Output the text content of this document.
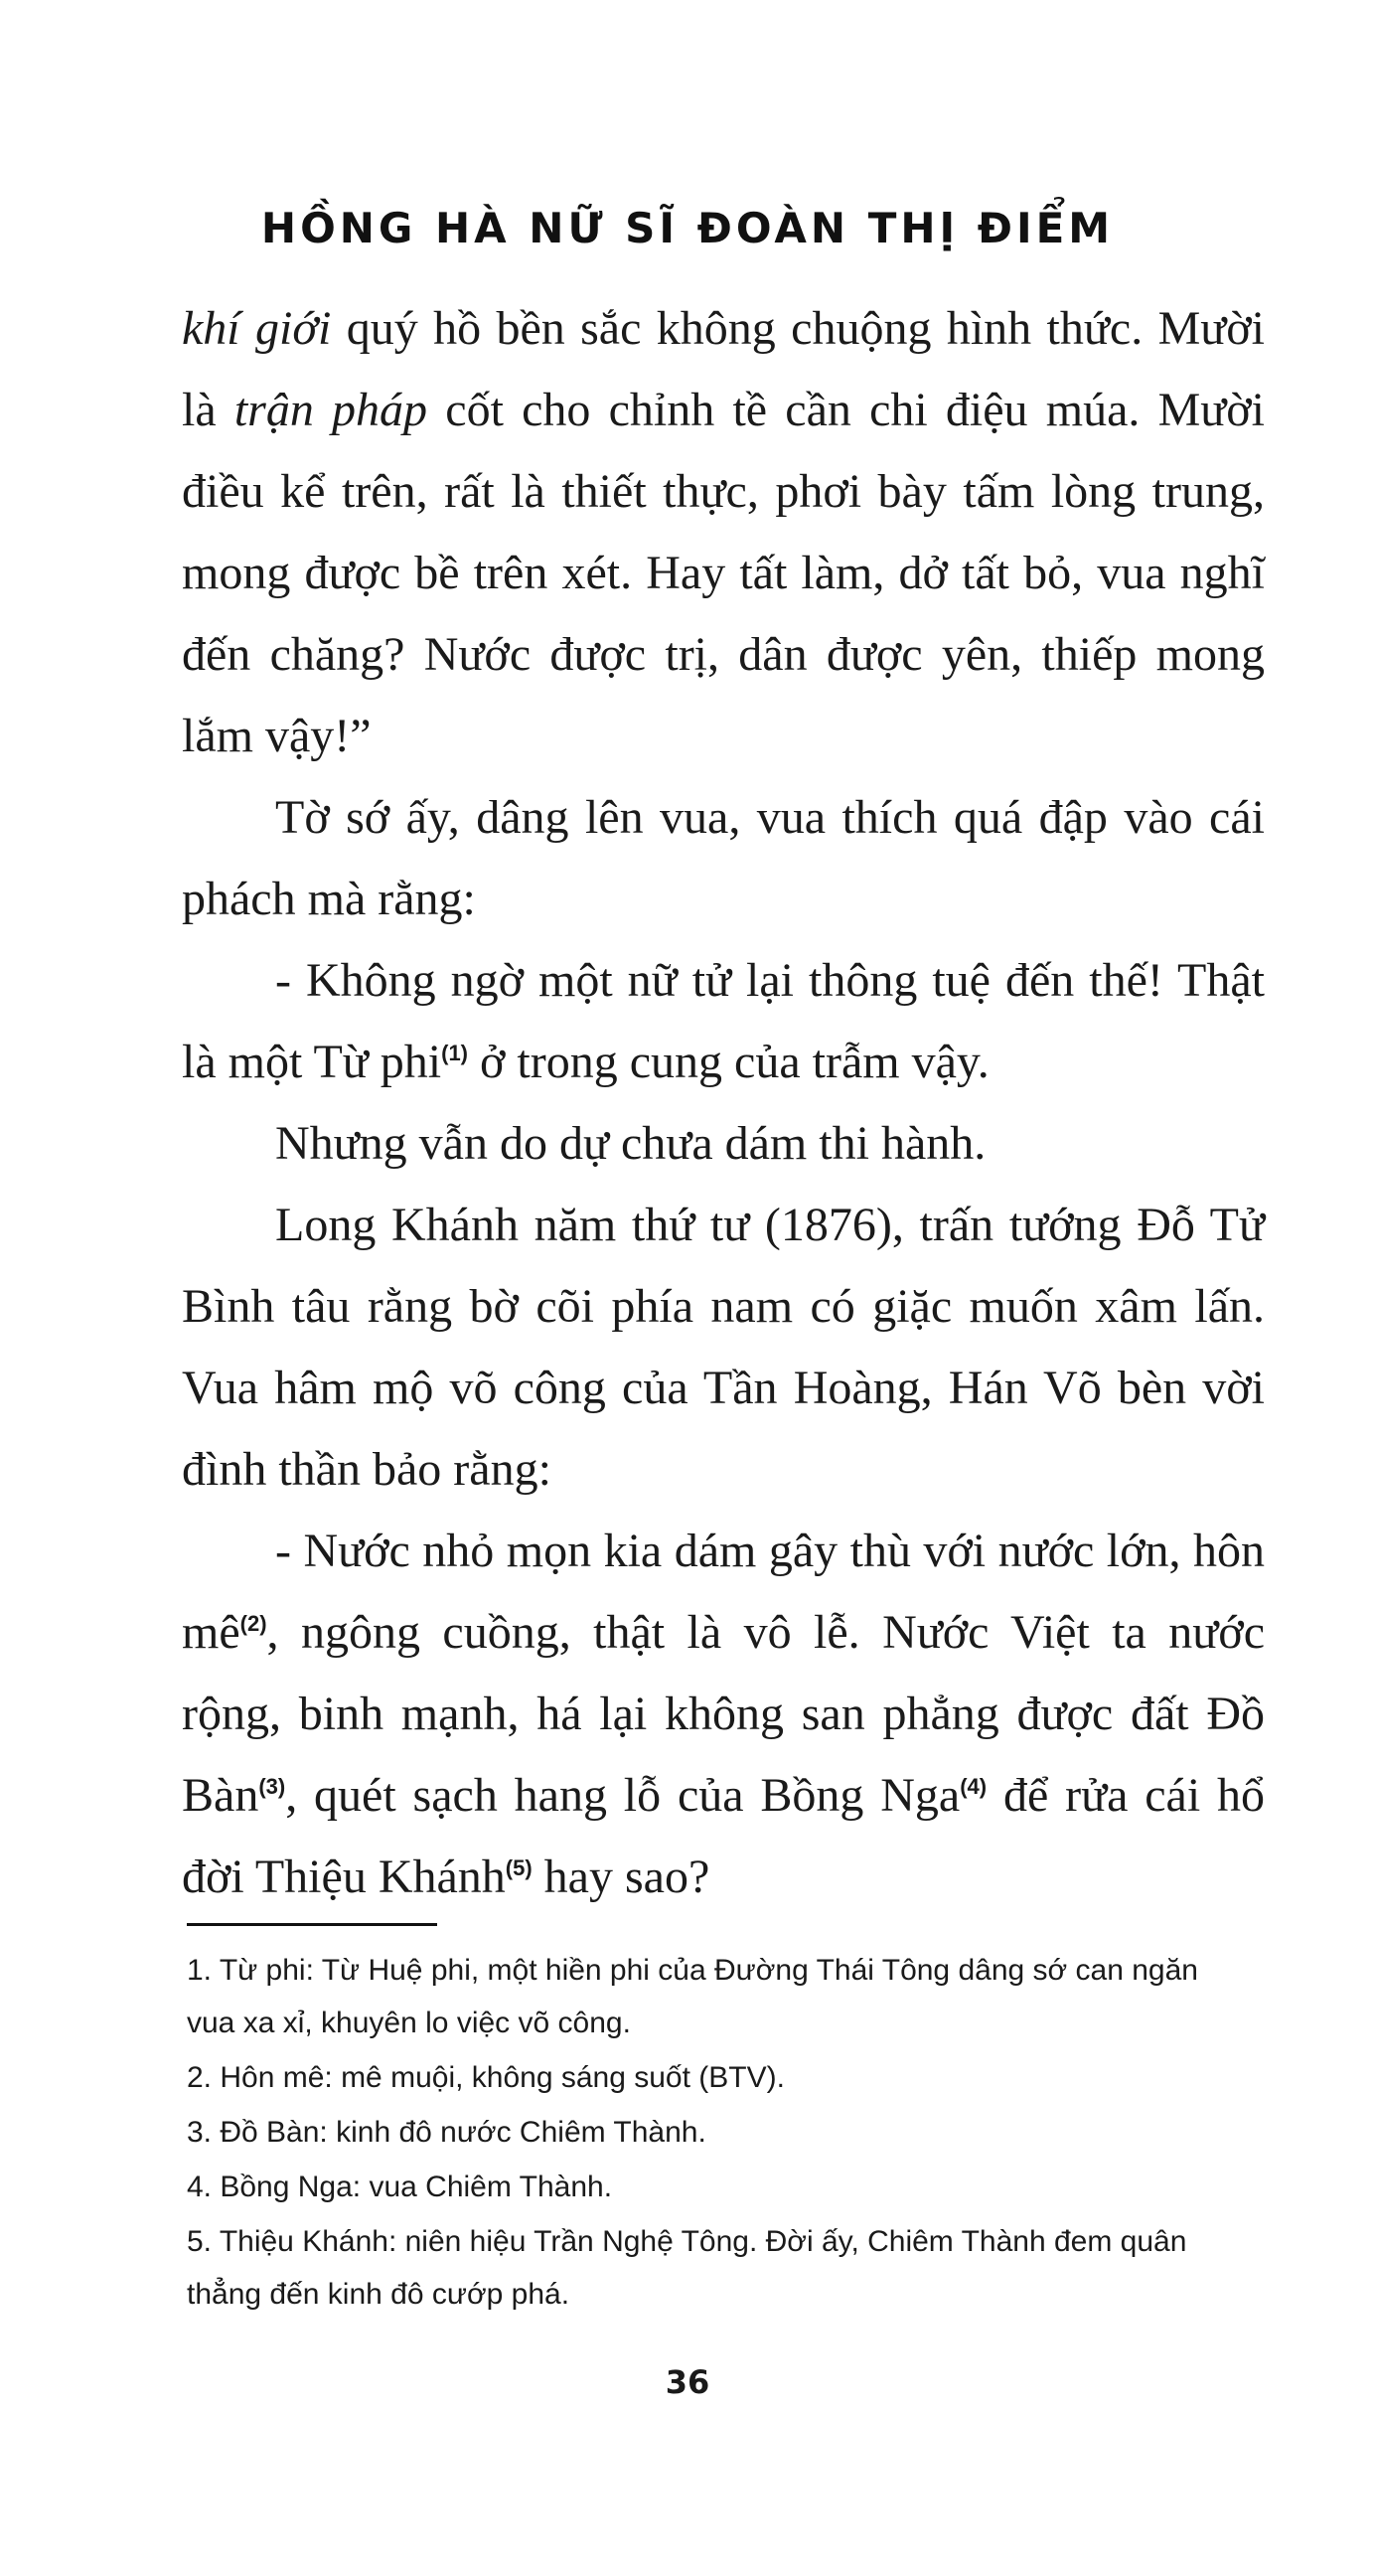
HỒNG HÀ NỮ SĨ ĐOÀN THỊ ĐIỂM

khí giới quý hồ bền sắc không chuộng hình thức. Mười là trận pháp cốt cho chỉnh tề cần chi điệu múa. Mười điều kể trên, rất là thiết thực, phơi bày tấm lòng trung, mong được bề trên xét. Hay tất làm, dở tất bỏ, vua nghĩ đến chăng? Nước được trị, dân được yên, thiếp mong lắm vậy!”

Tờ sớ ấy, dâng lên vua, vua thích quá đập vào cái phách mà rằng:

- Không ngờ một nữ tử lại thông tuệ đến thế! Thật là một Từ phi$^{(1)}$ ở trong cung của trẫm vậy.

Nhưng vẫn do dự chưa dám thi hành.

Long Khánh năm thứ tư (1876), trấn tướng Đỗ Tử Bình tâu rằng bờ cõi phía nam có giặc muốn xâm lấn. Vua hâm mộ võ công của Tần Hoàng, Hán Võ bèn vời đình thần bảo rằng:

- Nước nhỏ mọn kia dám gây thù với nước lớn, hôn $mê^{(2)}$, ngông cuồng, thật là vô lễ. Nước Việt ta nước rộng, binh mạnh, há lại không san phẳng được đất Đồ Bàn$^{(3)}$, quét sạch hang lỗ của Bồng Nga$^{(4)}$ để rửa cái hổ đời Thiệu Khánh$^{(5)}$ hay sao?

1. Từ phi: Từ Huệ phi, một hiền phi của Đường Thái Tông dâng sớ can ngăn vua xa xỉ, khuyên lo việc võ công.

2. Hôn mê: mê muội, không sáng suốt (BTV).

3. Đồ Bàn: kinh đô nước Chiêm Thành.

4. Bồng Nga: vua Chiêm Thành.

5. Thiệu Khánh: niên hiệu Trần Nghệ Tông. Đời ấy, Chiêm Thành đem quân thẳng đến kinh đô cướp phá.

36
